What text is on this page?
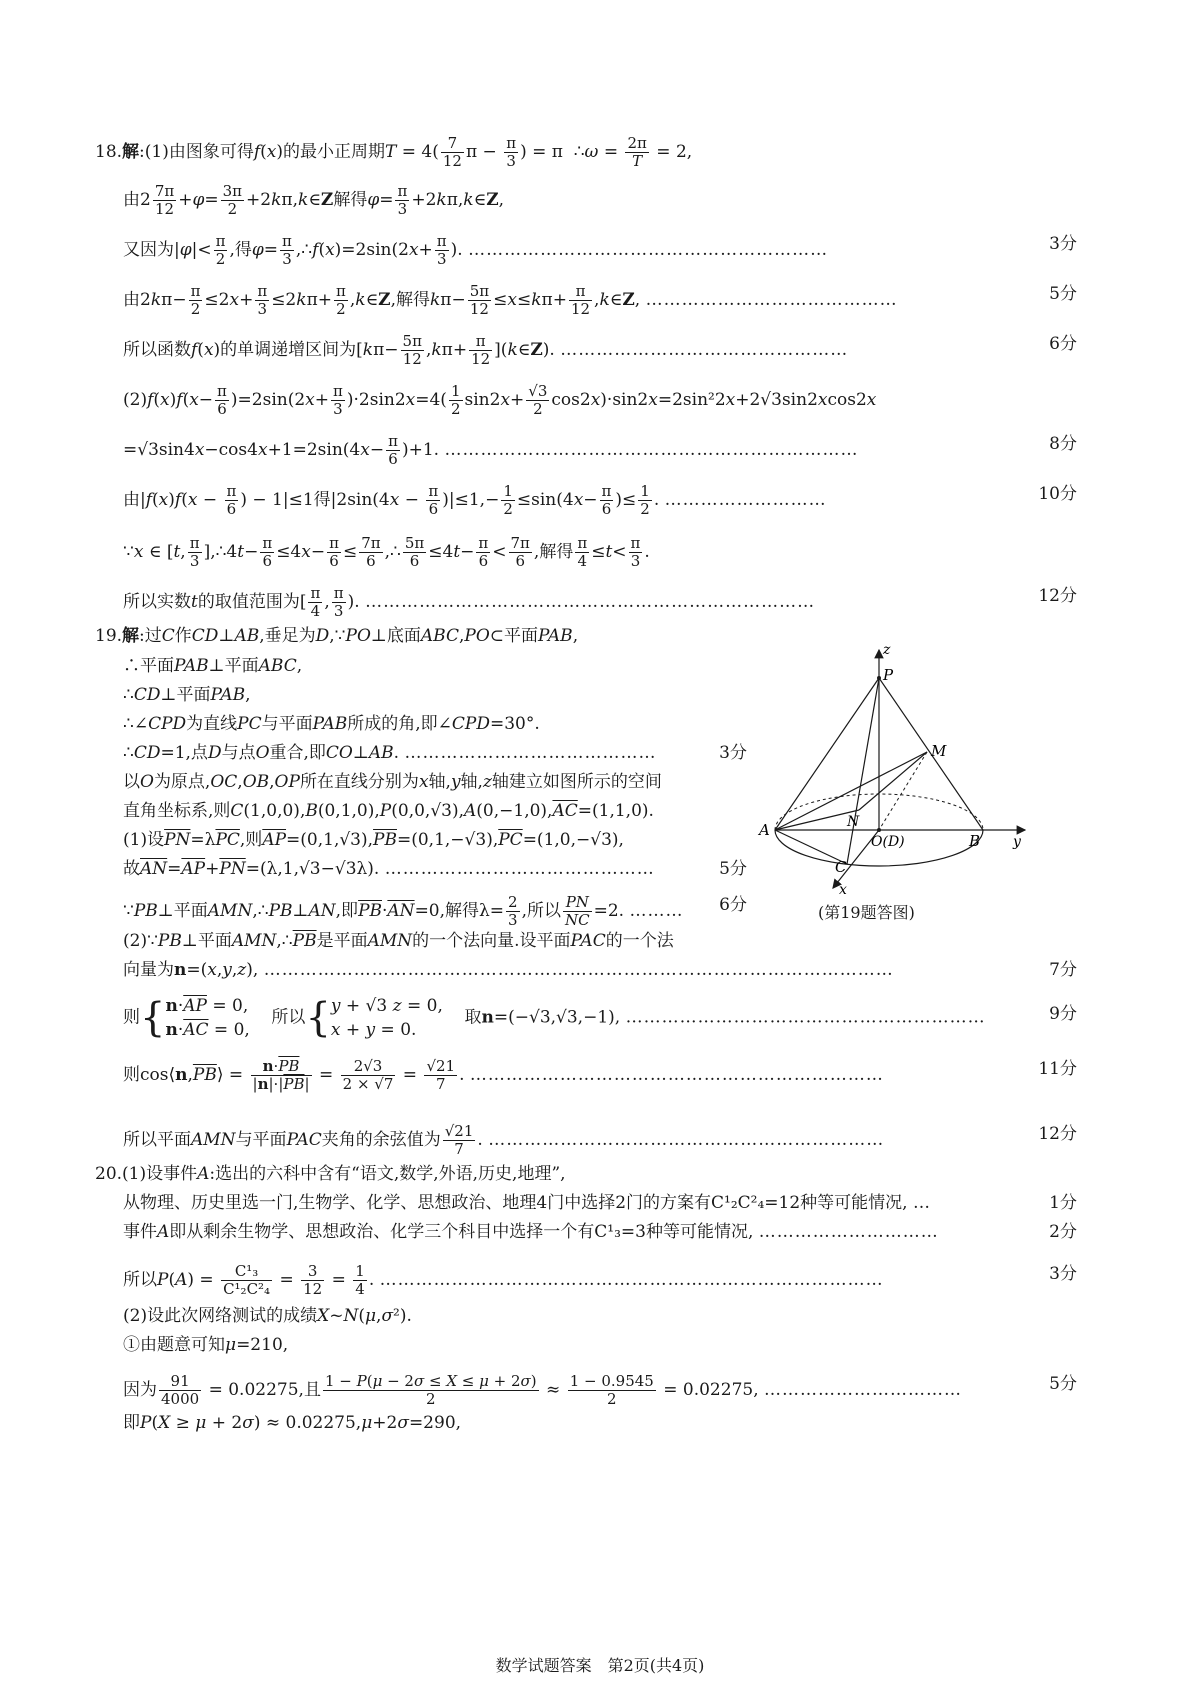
18.解:(1)由图象可得f(x)的最小正周期$T = 4( \frac{7}{12}$ $\pi - \frac{\pi}{3}$ ) = π  ∴ω = $\frac{2\pi}{T} = 2$,
由$2 \frac{7\pi}{12} +\varphi= \frac{3\pi}{2}$ +2kπ,k∈Z解得$\varphi= \frac{\pi}{3}$ +2kπ,k∈Z,
又因为$|\varphi|< \frac{\pi}{2}$ ,得$\varphi= \frac{\pi}{3}$ ,∴f(x)=2sin(2x+ $\frac{\pi}{3}$ ). ……………………………………………………	3分
由$2k\pi- \frac{\pi}{2} \le 2x+ \frac{\pi}{3} \le 2k\pi+ \frac{\pi}{2}$ ,k∈Z,解得$k\pi- \frac{5\pi}{12} \le x\le k\pi+ \frac{\pi}{12}$ ,k∈Z, ……………………………………	5分
所以函数f(x)的单调递增区间为[$k\pi- \frac{5\pi}{12} ,k\pi+ \frac{\pi}{12}$ ](k∈Z). …………………………………………	6分
$(2)f(x)f(x- \frac{\pi}{6} )=2\sin(2x+ \frac{\pi}{3} )\cdot 2\sin 2x=4( \frac{1}{2} \sin 2x+ \frac{√3}{2} \cos 2x)\cdot\sin 2x=2\sin^22x+2√3\sin 2xcos2x$
$=√3\sin 4x-\cos 4x+1=2\sin(4x- \frac{\pi}{6} )+1$. ……………………………………………………………	8分
由$|f(x)f(x - \frac{\pi}{6}$ ) − 1|≤1得$|2\sin(4x - \frac{\pi}{6} )|\le 1,- \frac{1}{2} \le\sin(4x- \frac{\pi}{6}$ )≤ $\frac{1}{2}$ . ………………………	10分
∵x ∈ [t, $\frac{\pi}{3}$ ],∴4t− $\frac{\pi}{6} \le 4x- \frac{\pi}{6} \le \frac{7\pi}{6}$ ,∴ $\frac{5\pi}{6} \le 4t- \frac{\pi}{6} < \frac{7\pi}{6}$ ,解得 $\frac{\pi}{4} \le t< \frac{\pi}{3}$ .
所以实数t的取值范围为[ $\frac{\pi}{4}$ , $\frac{\pi}{3}$ ). …………………………………………………………………	12分
19.解:过C作CD⊥AB,垂足为D,∵PO⊥底面ABC,PO⊂平面PAB,
∴平面PAB⊥平面ABC,
∴CD⊥平面PAB,
∴∠CPD为直线PC与平面PAB所成的角,即∠CPD=30°.
∴CD=1,点D与点O重合,即CO⊥AB. ……………………………………	3分
以O为原点,OC,OB,OP所在直线分别为x轴,y轴,z轴建立如图所示的空间
直角坐标系,则$C(1,0,0),B(0,1,0),P(0,0,√3),A(0,-1,0),\overline{AC}=(1,1,0)$.
(1)设$\overline{PN}=\lambda\overline{PC}$,则$\overline{AP}=(0,1,√3),\overline{PB}=(0,1,-√3),\overline{PC}=(1,0,-√3)$,
故$\overline{AN}=\overline{AP}+\overline{PN}=(\lambda,1,√3-√3\lambda)$. ………………………………………	5分
∵PB⊥平面AMN,∴PB⊥AN,即$\overline{PB}\cdot\overline{AN}=0$,解得$\lambda= \frac{2}{3}$ ,所以 $\frac{PN}{NC} =2$. ……… 6分
(2)∵PB⊥平面$AMN,\therefore\overline{PB}$是平面AMN的一个法向量.设平面PAC的一个法
向量为n=(x,y,z), ……………………………………………………………………………………………	7分
则{ $n\cdot\overline{AP} = 0$,
$n\cdot\overline{AC} = 0$,
所以{ y + √3 z = 0,
x + y = 0.
取n=(−√3,√3,−1), ……………………………………………………	9分
则$\cos⟨n,\overline{PB}⟩ = \frac{n\cdot\overline{PB}}{|n|\cdot|\overline{PB}|} = \frac{2√3}{2 \times √7} = \frac{√21}{7}$ . ……………………………………………………………	11分
所以平面AMN与平面PAC夹角的余弦值为 $\frac{√21}{7}$ . …………………………………………………………	12分
z
P
M
A	N
O(D)	B y
C
x
(第19题答图)
20.(1)设事件A:选出的六科中含有“语文,数学,外语,历史,地理”,
从物理、历史里选一门,生物学、化学、思想政治、地理4门中选择2门的方案有C¹₂C²₄=12种等可能情况, …	1分
事件A即从剩余生物学、思想政治、化学三个科目中选择一个有C¹₃=3种等可能情况, …………………………	2分
所以$P(A) = \frac{\text{C¹₃}}{\text{C¹₂C²₄}} = \frac{3}{12} = \frac{1}{4}$ . …………………………………………………………………………	3分
(2)设此次网络测试的成绩X~N(μ,σ²).
①由题意可知μ=210,
因为 $\frac{91}{4000} = 0.02275$,且 $\frac{1 - P(\mu - 2\sigma \le X \le \mu + 2\sigma)}{2} \approx \frac{1 - 0.9545}{2} = 0.02275$, ……………………………	5分
即P(X ≥ μ + 2σ) ≈ 0.02275,μ+2σ=290,
数学试题答案　第2页(共4页)
